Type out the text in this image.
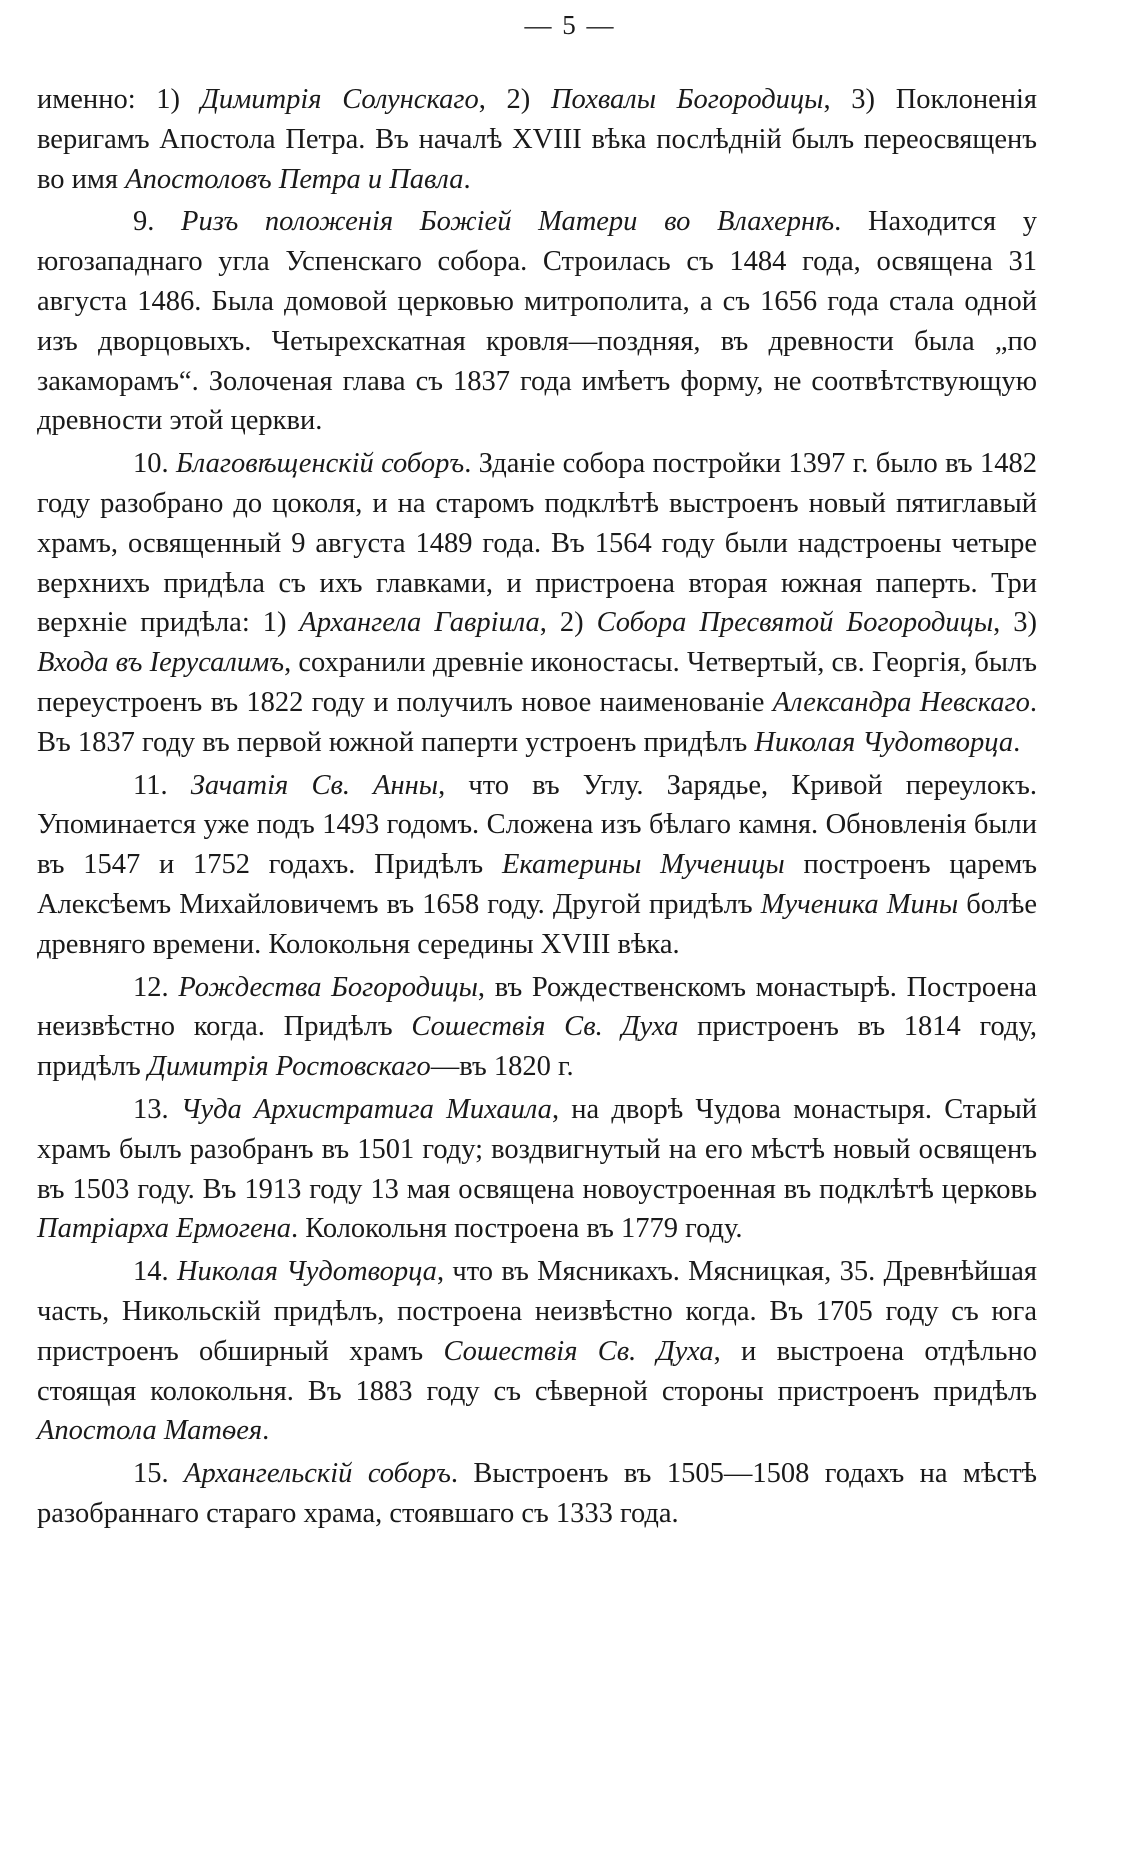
— 5 —

именно: 1) Димитрія Солунскаго, 2) Похвалы Богородицы, 3) Поклоненія веригамъ Апостола Петра. Въ началѣ XVIII вѣка послѣдній былъ переосвященъ во имя Апостоловъ Петра и Павла.

9. Ризъ положенія Божіей Матери во Влахернѣ. Находится у югозападнаго угла Успенскаго собора. Строилась съ 1484 года, освящена 31 августа 1486. Была домовой церковью митрополита, а съ 1656 года стала одной изъ дворцовыхъ. Четырехскатная кровля—поздняя, въ древности была „по закаморамъ“. Золоченая глава съ 1837 года имѣетъ форму, не соотвѣтствующую древности этой церкви.

10. Благовѣщенскій соборъ. Зданіе собора постройки 1397 г. было въ 1482 году разобрано до цоколя, и на старомъ подклѣтѣ выстроенъ новый пятиглавый храмъ, освященный 9 августа 1489 года. Въ 1564 году были надстроены четыре верхнихъ придѣла съ ихъ главками, и пристроена вторая южная паперть. Три верхніе придѣла: 1) Архангела Гавріила, 2) Собора Пресвятой Богородицы, 3) Входа въ Іерусалимъ, сохранили древніе иконостасы. Четвертый, св. Георгія, былъ переустроенъ въ 1822 году и получилъ новое наименованіе Александра Невскаго. Въ 1837 году въ первой южной паперти устроенъ придѣлъ Николая Чудотворца.

11. Зачатія Св. Анны, что въ Углу. Зарядье, Кривой переулокъ. Упоминается уже подъ 1493 годомъ. Сложена изъ бѣлаго камня. Обновленія были въ 1547 и 1752 годахъ. Придѣлъ Екатерины Мученицы построенъ царемъ Алексѣемъ Михайловичемъ въ 1658 году. Другой придѣлъ Мученика Мины болѣе древняго времени. Колокольня середины XVIII вѣка.

12. Рождества Богородицы, въ Рождественскомъ монастырѣ. Построена неизвѣстно когда. Придѣлъ Сошествія Св. Духа пристроенъ въ 1814 году, придѣлъ Димитрія Ростовскаго—въ 1820 г.

13. Чуда Архистратига Михаила, на дворѣ Чудова монастыря. Старый храмъ былъ разобранъ въ 1501 году; воздвигнутый на его мѣстѣ новый освященъ въ 1503 году. Въ 1913 году 13 мая освящена новоустроенная въ подклѣтѣ церковь Патріарха Ермогена. Колокольня построена въ 1779 году.

14. Николая Чудотворца, что въ Мясникахъ. Мясницкая, 35. Древнѣйшая часть, Никольскій придѣлъ, построена неизвѣстно когда. Въ 1705 году съ юга пристроенъ обширный храмъ Сошествія Св. Духа, и выстроена отдѣльно стоящая колокольня. Въ 1883 году съ сѣверной стороны пристроенъ придѣлъ Апостола Матѳея.

15. Архангельскій соборъ. Выстроенъ въ 1505—1508 годахъ на мѣстѣ разобраннаго стараго храма, стоявшаго съ 1333 года.
